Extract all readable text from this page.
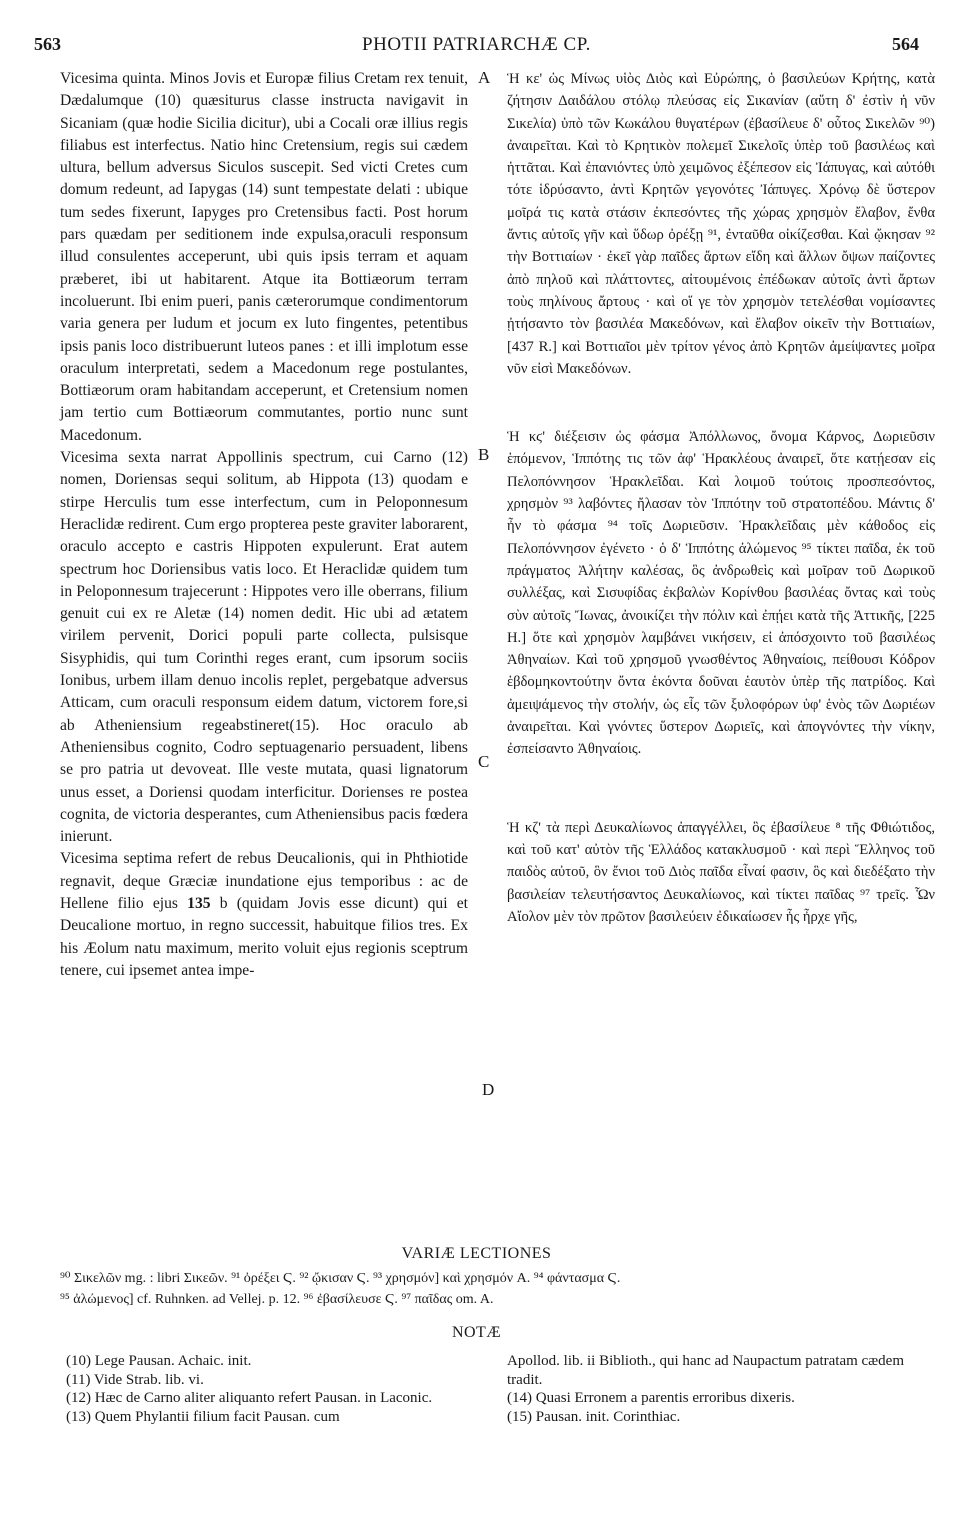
563	PHOTII PATRIARCHÆ CP.	564
A
B
C
D

Vicesima quinta. Minos Jovis et Europæ filius Cretam rex tenuit, Dædalumque (10) quæsiturus classe instructa navigavit in Sicaniam (quæ hodie Sicilia dicitur), ubi a Cocali oræ illius regis filiabus est interfectus. Natio hinc Cretensium, regis sui cædem ultura, bellum adversus Siculos suscepit. Sed victi Cretes cum domum redeunt, ad Iapygas (14) sunt tempestate delati : ubique tum sedes fixerunt, Iapyges pro Cretensibus facti. Post horum pars quædam per seditionem inde expulsa,oraculi responsum illud consulentes acceperunt, ubi quis ipsis terram et aquam præberet, ibi ut habitarent. Atque ita Bottiæorum terram incoluerunt. Ibi enim pueri, panis cæterorumque condimentorum varia genera per ludum et jocum ex luto fingentes, petentibus ipsis panis loco distribuerunt luteos panes : et illi implotum esse oraculum interpretati, sedem a Macedonum rege postulantes, Bottiæorum oram habitandam acceperunt, et Cretensium nomen jam tertio cum Bottiæorum commutantes, portio nunc sunt Macedonum.

Vicesima sexta narrat Appollinis spectrum, cui Carno (12) nomen, Doriensas sequi solitum, ab Hippota (13) quodam e stirpe Herculis tum esse interfectum, cum in Peloponnesum Heraclidæ redirent. Cum ergo propterea peste graviter laborarent, oraculo accepto e castris Hippoten expulerunt. Erat autem spectrum hoc Doriensibus vatis loco. Et Heraclidæ quidem tum in Peloponnesum trajecerunt : Hippotes vero ille oberrans, filium genuit cui ex re Aletæ (14) nomen dedit. Hic ubi ad ætatem virilem pervenit, Dorici populi parte collecta, pulsisque Sisyphidis, qui tum Corinthi reges erant, cum ipsorum sociis Ionibus, urbem illam denuo incolis replet, pergebatque adversus Atticam, cum oraculi responsum eidem datum, victorem fore,si ab Atheniensium regeabstineret(15). Hoc oraculo ab Atheniensibus cognito, Codro septuagenario persuadent, libens se pro patria ut devoveat. Ille veste mutata, quasi lignatorum unus esset, a Doriensi quodam interficitur. Dorienses re postea cognita, de victoria desperantes, cum Atheniensibus pacis fœdera inierunt.

Vicesima septima refert de rebus Deucalionis, qui in Phthiotide regnavit, deque Græciæ inundatione ejus temporibus : ac de Hellene filio ejus 135 b (quidam Jovis esse dicunt) qui et Deucalione mortuo, in regno successit, habuitque filios tres. Ex his Æolum natu maximum, merito voluit ejus regionis sceptrum tenere, cui ipsemet antea impe-

Ἡ κε' ὡς Μίνως υἱὸς Διὸς καὶ Εὐρώπης, ὁ βασιλεύων Κρήτης, κατὰ ζήτησιν Δαιδάλου στόλῳ πλεύσας εἰς Σικανίαν (αὕτη δ' ἐστὶν ἡ νῦν Σικελία) ὑπὸ τῶν Κωκάλου θυγατέρων (ἐβασίλευε δ' οὗτος Σικελῶν ⁹⁰) ἀναιρεῖται. Καὶ τὸ Κρητικὸν πολεμεῖ Σικελοῖς ὑπὲρ τοῦ βασιλέως καὶ ἡττᾶται. Καὶ ἐπανιόντες ὑπὸ χειμῶνος ἐξέπεσον εἰς Ἰάπυγας, καὶ αὐτόθι τότε ἱδρύσαντο, ἀντὶ Κρητῶν γεγονότες Ἰάπυγες. Χρόνῳ δὲ ὕστερον μοῖρά τις κατὰ στάσιν ἐκπεσόντες τῆς χώρας χρησμὸν ἔλαβον, ἔνθα ἄντις αὐτοῖς γῆν καὶ ὕδωρ ὀρέξῃ ⁹¹, ἐνταῦθα οἰκίζεσθαι. Καὶ ᾤκησαν ⁹² τὴν Βοττιαίων · ἐκεῖ γὰρ παῖδες ἄρτων εἴδη καὶ ἄλλων ὄψων παίζοντες ἀπὸ πηλοῦ καὶ πλάττοντες, αἰτουμένοις ἐπέδωκαν αὐτοῖς ἀντὶ ἄρτων τοὺς πηλίνους ἄρτους · καὶ οἵ γε τὸν χρησμὸν τετελέσθαι νομίσαντες ᾐτήσαντο τὸν βασιλέα Μακεδόνων, καὶ ἔλαβον οἰκεῖν τὴν Βοττιαίων, [437 R.] καὶ Βοττιαῖοι μὲν τρίτον γένος ἀπὸ Κρητῶν ἀμείψαντες μοῖρα νῦν εἰσὶ Μακεδόνων.

Ἡ κϛ' διέξεισιν ὡς φάσμα Ἀπόλλωνος, ὄνομα Κάρνος, Δωριεῦσιν ἑπόμενον, Ἱππότης τις τῶν ἀφ' Ἡρακλέους ἀναιρεῖ, ὅτε κατῄεσαν εἰς Πελοπόννησον Ἡρακλεῖδαι. Καὶ λοιμοῦ τούτοις προσπεσόντος, χρησμὸν ⁹³ λαβόντες ἤλασαν τὸν Ἱππότην τοῦ στρατοπέδου. Μάντις δ' ἦν τὸ φάσμα ⁹⁴ τοῖς Δωριεῦσιν. Ἡρακλεῖδαις μὲν κάθοδος εἰς Πελοπόννησον ἐγένετο · ὁ δ' Ἱππότης ἀλώμενος ⁹⁵ τίκτει παῖδα, ἐκ τοῦ πράγματος Ἀλήτην καλέσας, ὃς ἀνδρωθεὶς καὶ μοῖραν τοῦ Δωρικοῦ συλλέξας, καὶ Σισυφίδας ἐκβαλὼν Κορίνθου βασιλέας ὄντας καὶ τοὺς σὺν αὐτοῖς Ἴωνας, ἀνοικίζει τὴν πόλιν καὶ ἐπῄει κατὰ τῆς Ἀττικῆς, [225 H.] ὅτε καὶ χρησμὸν λαμβάνει νικήσειν, εἰ ἀπόσχοιντο τοῦ βασιλέως Ἀθηναίων. Καὶ τοῦ χρησμοῦ γνωσθέντος Ἀθηναίοις, πείθουσι Κόδρον ἑβδομηκοντούτην ὄντα ἑκόντα δοῦναι ἑαυτὸν ὑπὲρ τῆς πατρίδος. Καὶ ἀμειψάμενος τὴν στολήν, ὡς εἷς τῶν ξυλοφόρων ὑφ' ἑνὸς τῶν Δωριέων ἀναιρεῖται. Καὶ γνόντες ὕστερον Δωριεῖς, καὶ ἀπογνόντες τὴν νίκην, ἐσπείσαντο Ἀθηναίοις.

Ἡ κζ' τὰ περὶ Δευκαλίωνος ἀπαγγέλλει, ὃς ἐβασίλευε ⁸ τῆς Φθιώτιδος, καὶ τοῦ κατ' αὐτὸν τῆς Ἑλλάδος κατακλυσμοῦ · καὶ περὶ Ἕλληνος τοῦ παιδὸς αὐτοῦ, ὃν ἔνιοι τοῦ Διὸς παῖδα εἶναί φασιν, ὃς καὶ διεδέξατο τὴν βασιλείαν τελευτήσαντος Δευκαλίωνος, καὶ τίκτει παῖδας ⁹⁷ τρεῖς. Ὧν Αἴολον μὲν τὸν πρῶτον βασιλεύειν ἐδικαίωσεν ἧς ἦρχε γῆς,

VARIÆ LECTIONES
⁹⁰ Σικελῶν mg. : libri Σικεῶν. ⁹¹ ὀρέξει Ϛ. ⁹² ᾤκισαν Ϛ. ⁹³ χρησμόν] καὶ χρησμόν A. ⁹⁴ φάντασμα Ϛ.
⁹⁵ ἀλώμενος] cf. Ruhnken. ad Vellej. p. 12. ⁹⁶ ἐβασίλευσε Ϛ. ⁹⁷ παῖδας om. A.
NOTÆ

(10) Lege Pausan. Achaic. init.

(11) Vide Strab. lib. vi.

(12) Hæc de Carno aliter aliquanto refert Pausan. in Laconic.

(13) Quem Phylantii filium facit Pausan. cum

Apollod. lib. ii Biblioth., qui hanc ad Naupactum patratam cædem tradit.

(14) Quasi Erronem a parentis erroribus dixeris.

(15) Pausan. init. Corinthiac.
